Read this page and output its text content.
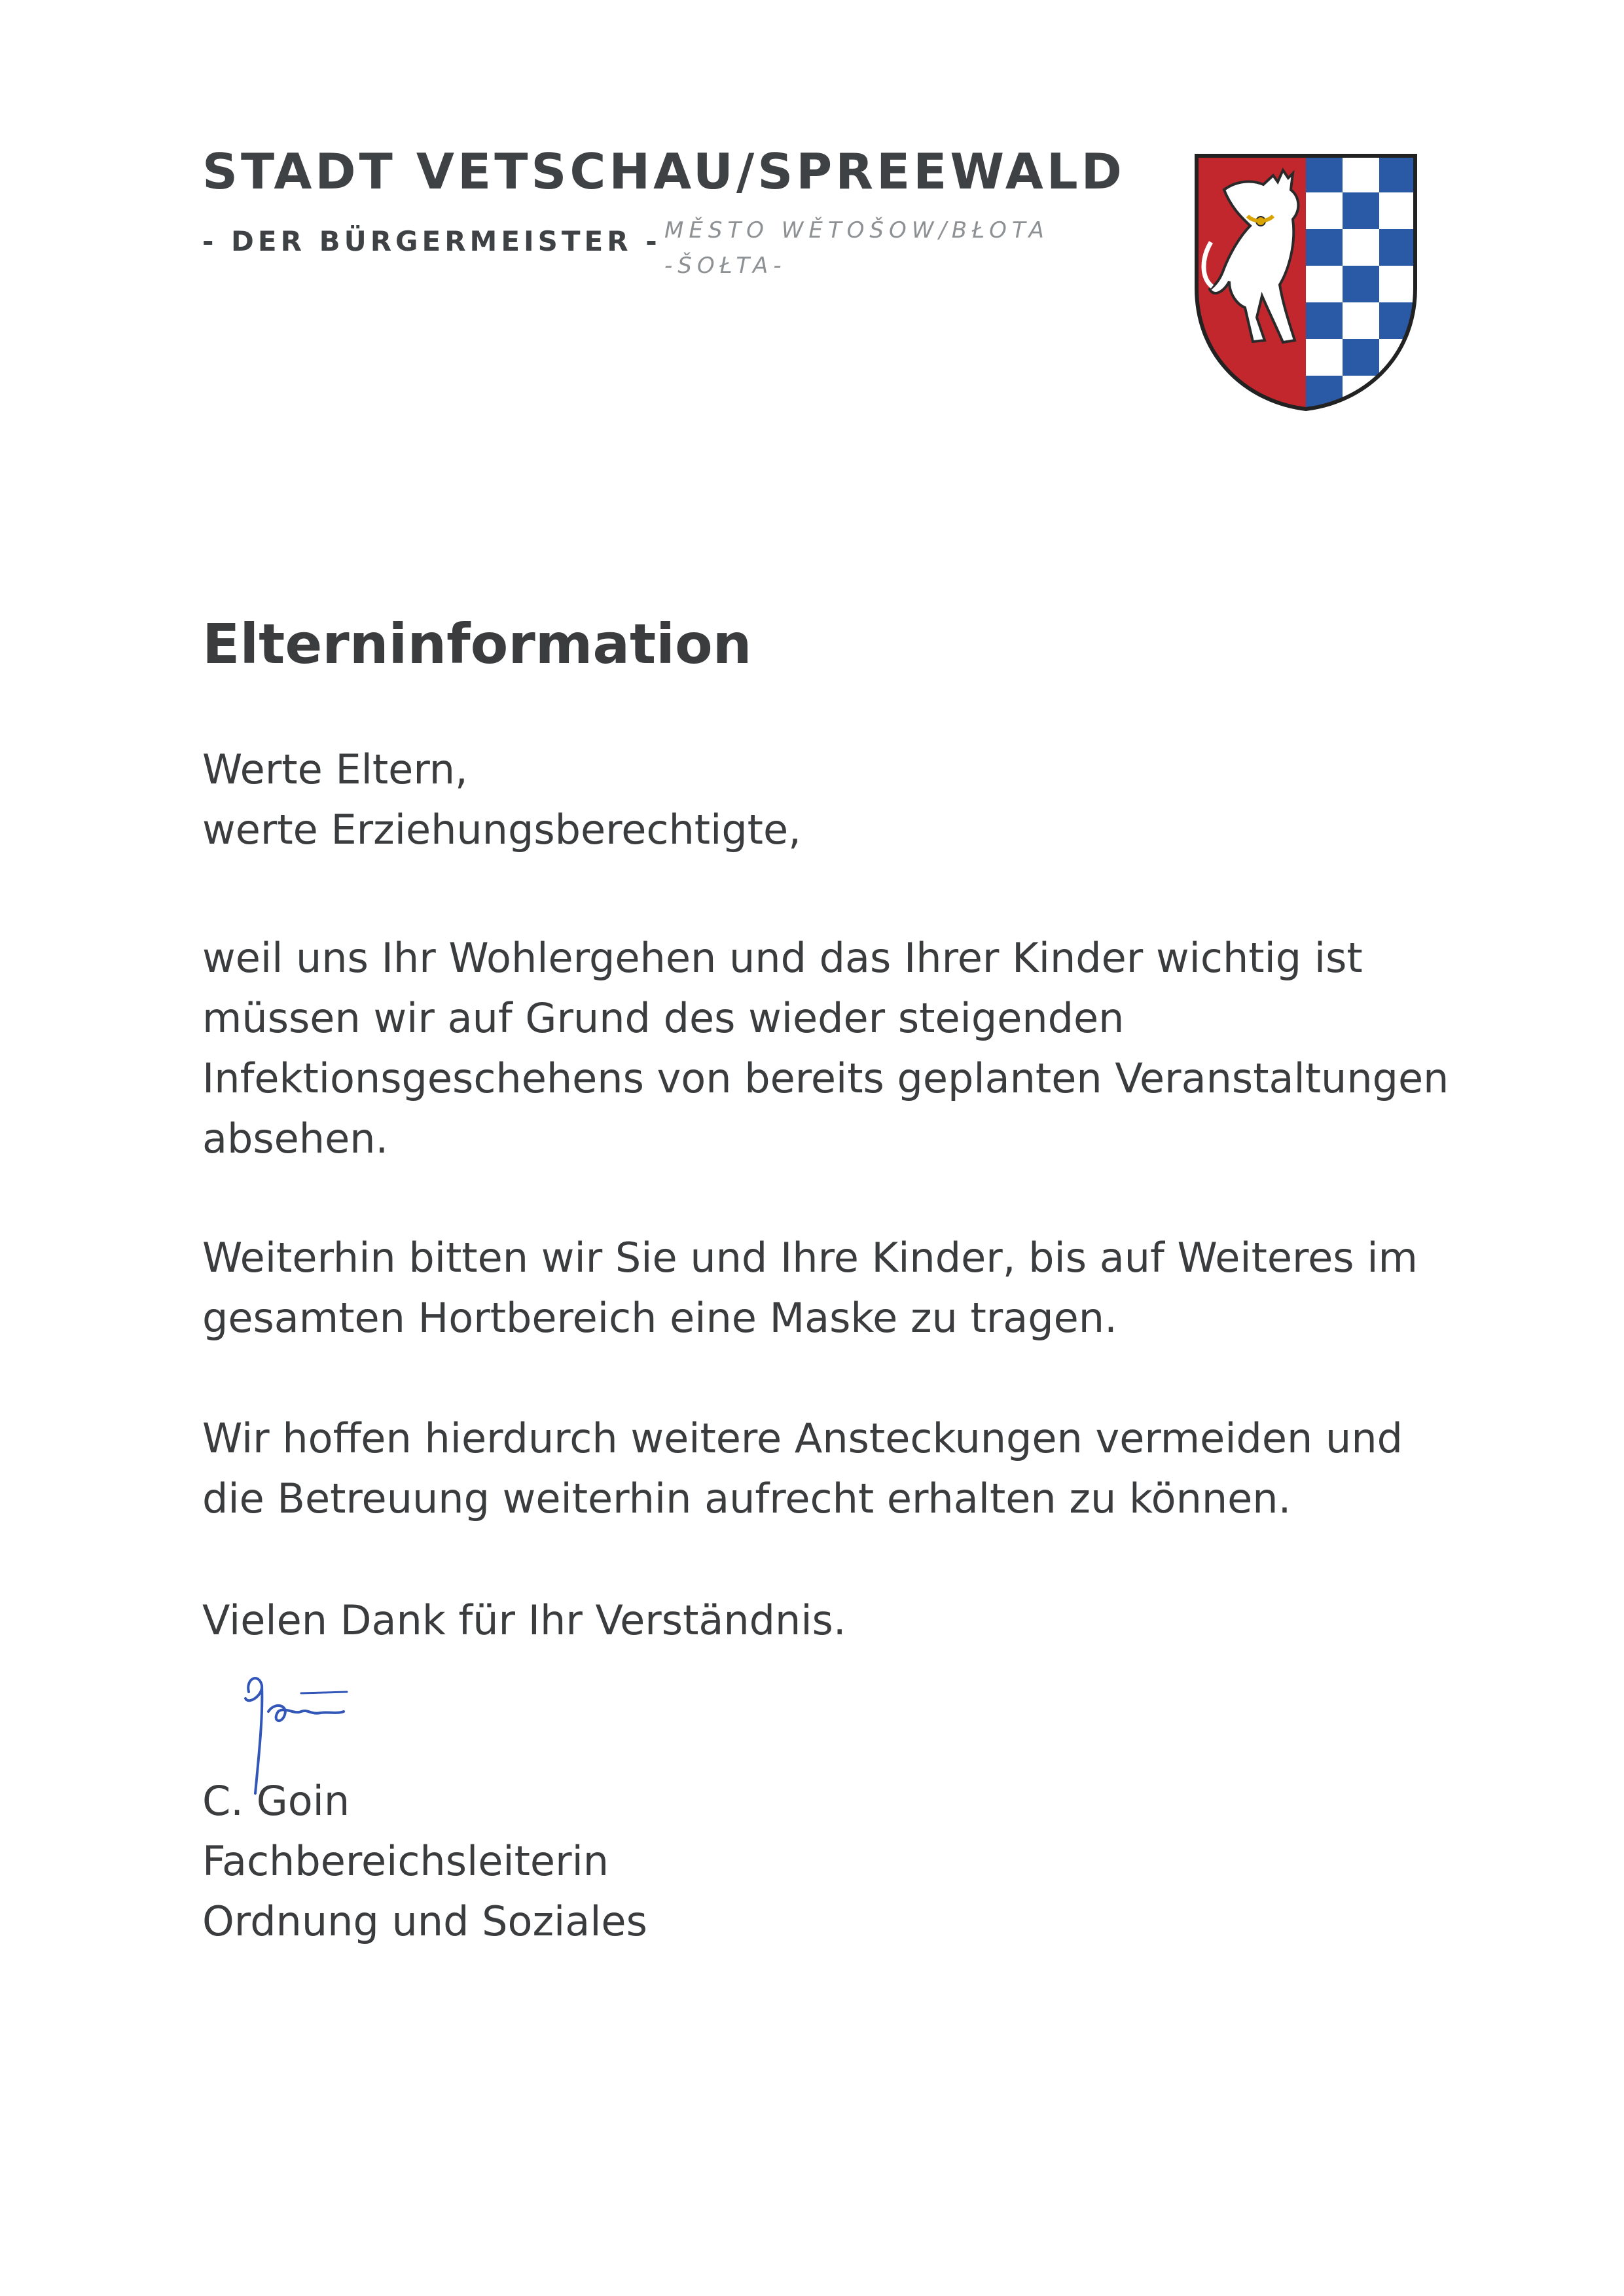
STADT VETSCHAU/SPREEWALD
- DER BÜRGERMEISTER - MĚSTO WĚTOŠOW/BŁOTA
-ŠOŁTA-
Elterninformation
Werte Eltern,
werte Erziehungsberechtigte,
weil uns Ihr Wohlergehen und das Ihrer Kinder wichtig ist
müssen wir auf Grund des wieder steigenden
Infektionsgeschehens von bereits geplanten Veranstaltungen
absehen.
Weiterhin bitten wir Sie und Ihre Kinder, bis auf Weiteres im
gesamten Hortbereich eine Maske zu tragen.
Wir hoffen hierdurch weitere Ansteckungen vermeiden und
die Betreuung weiterhin aufrecht erhalten zu können.
Vielen Dank für Ihr Verständnis.
C. Goin
Fachbereichsleiterin
Ordnung und Soziales
